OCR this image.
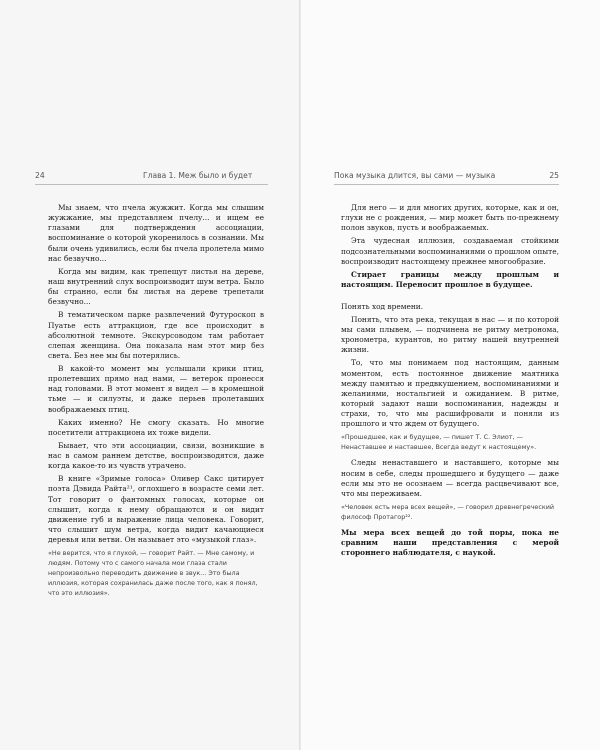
24	Глава 1. Меж было и будет	Пока музыка длится, вы сами — музыка	25

Мы знаем, что пчела жужжит. Когда мы слышим жужжание, мы представляем пчелу... и ищем ее глазами для подтверждения ассоциации, воспоминание о которой укоренилось в сознании. Мы были очень удивились, если бы пчела пролетела мимо нас безвучно...

Когда мы видим, как трепещут листья на дереве, наш внутренний слух воспроизводит шум ветра. Было бы странно, если бы листья на дереве трепетали безвучно...

В тематическом парке развлечений Футуроскоп в Пуатье есть аттракцион, где все происходит в абсолютной темноте. Экскурсоводом там работает слепая женщина. Она показала нам этот мир без света. Без нее мы бы потерялись.

В какой-то момент мы услышали крики птиц, пролетевших прямо над нами, — ветерок пронесся над головами. В этот момент я видел — в кромешной тьме — и силуэты, и даже перьев пролетавших воображаемых птиц.

Каких именно? Не смогу сказать. Но многие посетители аттракциона их тоже видели.

Бывает, что эти ассоциации, связи, возникшие в нас в самом раннем детстве, воспроизводятся, даже когда какое-то из чувств утрачено.

В книге «Зримые голоса» Оливер Сакс цитирует поэта Дэвида Райта²¹, оглохшего в возрасте семи лет. Тот говорит о фантомных голосах, которые он слышит, когда к нему обращаются и он видит движение губ и выражение лица человека. Говорит, что слышит шум ветра, когда видит качающиеся деревья или ветви. Он называет это «музыкой глаз».

«Не верится, что я глухой, — говорит Райт. — Мне самому, и людям. Потому что с самого начала мои глаза стали непроизвольно переводить движение в звук... Это была иллюзия, которая сохранилась даже после того, как я понял, что это иллюзия».

Для него — и для многих других, которые, как и он, глухи не с рождения, — мир может быть по-прежнему полон звуков, пусть и воображаемых.

Эта чудесная иллюзия, создаваемая стойкими подсознательными воспоминаниями о прошлом опыте, воспроизводит настоящему прежнее многообразие.

Стирает границы между прошлым и настоящим. Переносит прошлое в будущее.

Понять ход времени.

Понять, что эта река, текущая в нас — и по которой мы сами плывем, — подчинена не ритму метронома, хронометра, курантов, но ритму нашей внутренней жизни.

То, что мы понимаем под настоящим, данным моментом, есть постоянное движение маятника между памятью и предвкушением, воспоминаниями и желаниями, ностальгией и ожиданием. В ритме, который задают наши воспоминания, надежды и страхи, то, что мы расшифровали и поняли из прошлого и что ждем от будущего.

«Прошедшее, как и будущее, — пишет Т. С. Элиот, — Ненаставшее и наставшее, Всегда ведут к настоящему».

Следы ненаставшего и наставшего, которые мы носим в себе, следы прошедшего и будущего — даже если мы это не осознаем — всегда расцвечивают все, что мы переживаем.

«Человек есть мера всех вещей», — говорил древнегреческий философ Протагор²².

Мы мера всех вещей до той поры, пока не сравним наши представления с мерой стороннего наблюдателя, с наукой.
